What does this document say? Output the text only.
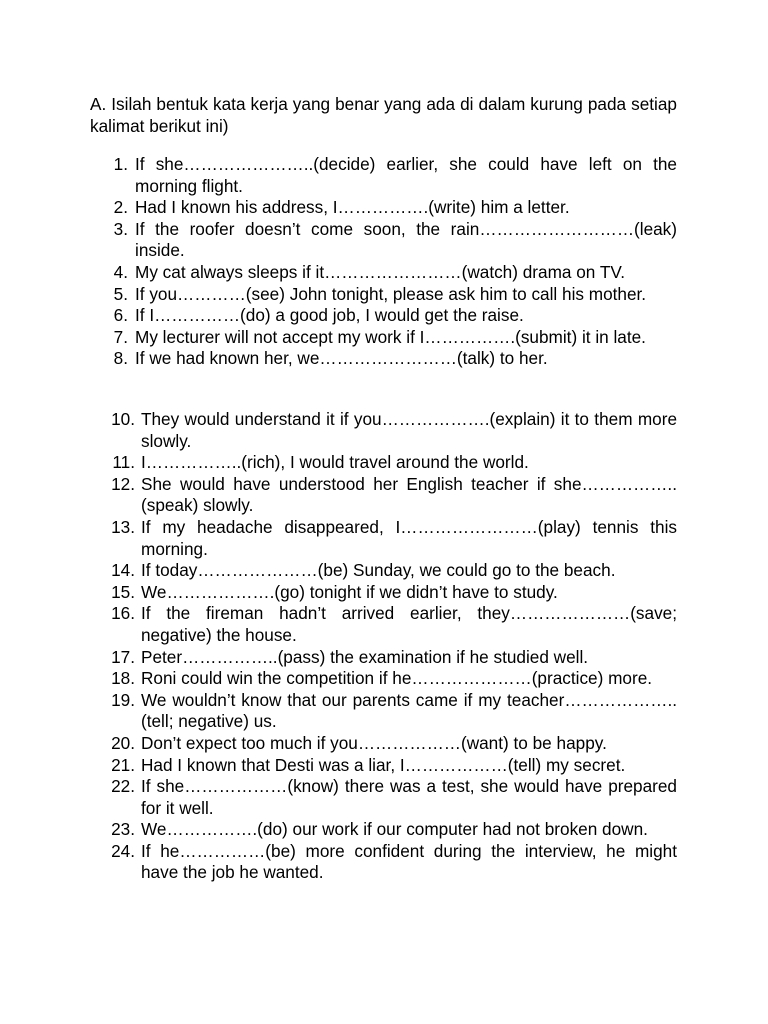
A. Isilah bentuk kata kerja yang benar yang ada di dalam kurung pada setiap kalimat berikut ini)

1. If she…………………..(decide) earlier, she could have left on the morning flight.
2. Had I known his address, I…………….(write) him a letter.
3. If the roofer doesn’t come soon, the rain………………………(leak) inside.
4. My cat always sleeps if it……………………(watch) drama on TV.
5. If you…………(see) John tonight, please ask him to call his mother.
6. If I……………(do) a good job, I would get the raise.
7. My lecturer will not accept my work if I…………….(submit) it in late.
8. If we had known her, we……………………(talk) to her.
10. They would understand it if you……………….(explain) it to them more slowly.
11. I……………..(rich), I would travel around the world.
12. She would have understood her English teacher if she……………..(speak) slowly.
13. If my headache disappeared, I……………………(play) tennis this morning.
14. If today…………………(be) Sunday, we could go to the beach.
15. We……………….(go) tonight if we didn’t have to study.
16. If the fireman hadn’t arrived earlier, they…………………(save; negative) the house.
17. Peter……………..(pass) the examination if he studied well.
18. Roni could win the competition if he…………………(practice) more.
19. We wouldn’t know that our parents came if my teacher………………..(tell; negative) us.
20. Don’t expect too much if you………………(want) to be happy.
21. Had I known that Desti was a liar, I………………(tell) my secret.
22. If she………………(know) there was a test, she would have prepared for it well.
23. We…………….(do) our work if our computer had not broken down.
24. If he……………(be) more confident during the interview, he might have the job he wanted.
